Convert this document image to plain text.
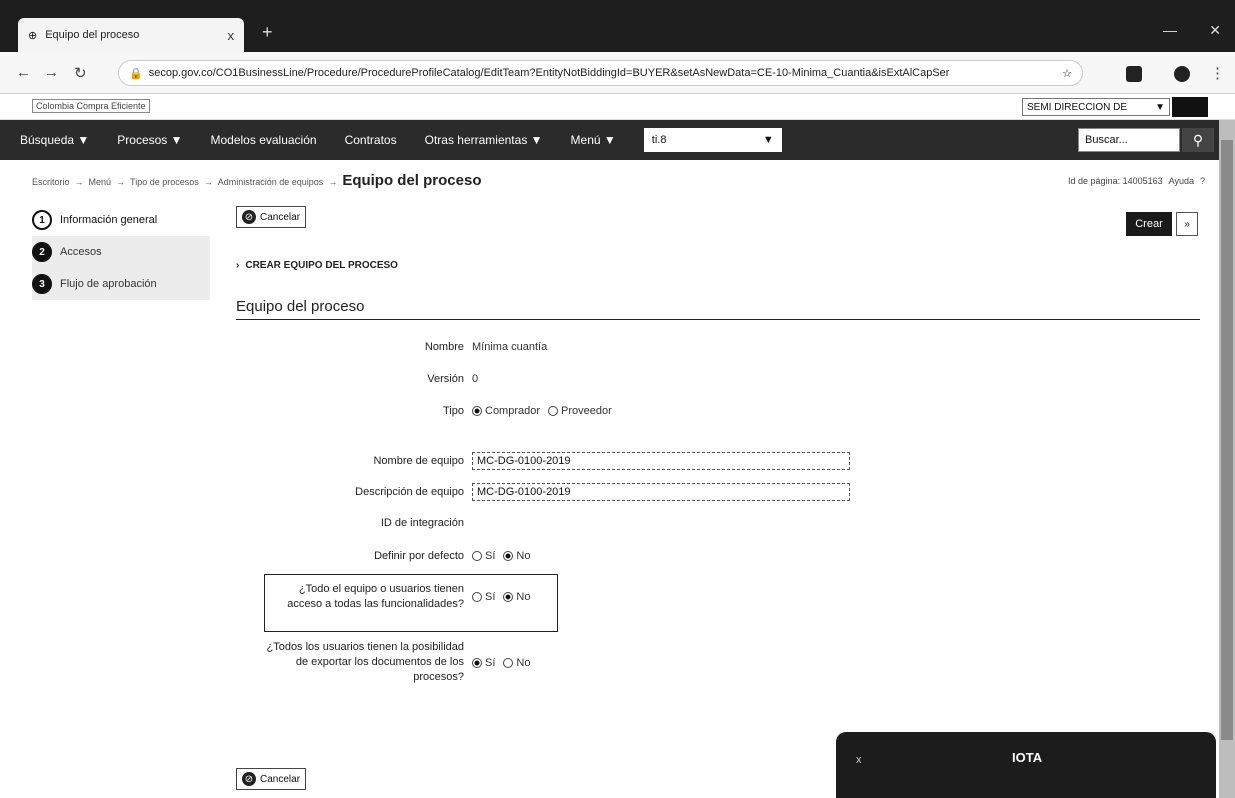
⊕ Equipo del proceso	x +	— ✕
← → ↻	🔒 secop.gov.co/CO1BusinessLine/Procedure/ProcedureProfileCatalog/EditTeam?EntityNotBiddingId=BUYER&setAsNewData=CE-10-Minima_Cuantia&isExtAlCapSer	☆	⋮
Colombia Compra Eficiente	SEMI DIRECCION DE	▼
Búsqueda ▼	Procesos ▼	Modelos evaluación	Contratos	Otras herramientas ▼	Menú ▼	ti.8	▼	Buscar...	⚲
Escritorio → Menú → Tipo de procesos → Administración de equipos → Equipo del proceso	Id de página: 14005163 Ayuda ?
1	Información general
2	Accesos
3	Flujo de aprobación
⊘ Cancelar
Crear	»
› CREAR EQUIPO DEL PROCESO
Equipo del proceso
Nombre Mínima cuantía
Versión 0
Tipo	Comprador Proveedor
Nombre de equipo	MC-DG-0100-2019
Descripción de equipo	MC-DG-0100-2019
ID de integración
Definir por defecto	Sí No
¿Todo el equipo o usuarios tienen
acceso a todas las funcionalidades?
Sí No
¿Todos los usuarios tienen la posibilidad
de exportar los documentos de los
procesos?
Sí No
⊘ Cancelar
x	IOTA
